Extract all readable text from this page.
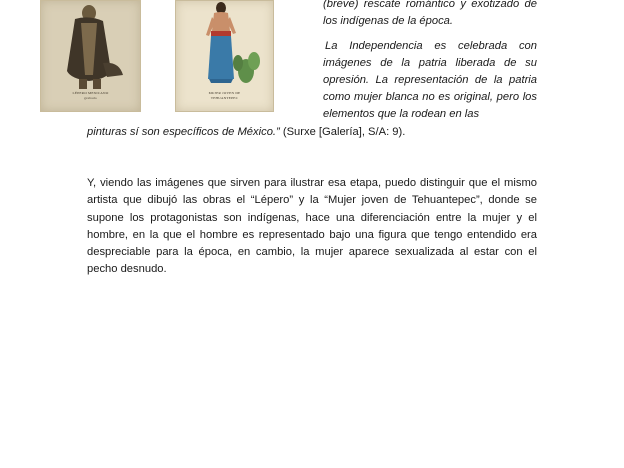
LÉPERO MEXICANO
grabado
MUJER JOVEN DE
TEHUANTEPEC
(breve) rescate romántico y exotizado de los indígenas de la época.
La Independencia es celebrada con imágenes de la patria liberada de su opresión. La representación de la patria como mujer blanca no es original, pero los elementos que la rodean en las
pinturas sí son específicos de México.” (Surxe [Galería], S/A: 9).
Y, viendo las imágenes que sirven para ilustrar esa etapa, puedo distinguir que el mismo artista que dibujó las obras el “Lépero” y la “Mujer joven de Tehuantepec”, donde se supone los protagonistas son indígenas, hace una diferenciación entre la mujer y el hombre, en la que el hombre es representado bajo una figura que tengo entendido era despreciable para la época, en cambio, la mujer aparece sexualizada al estar con el pecho desnudo.
